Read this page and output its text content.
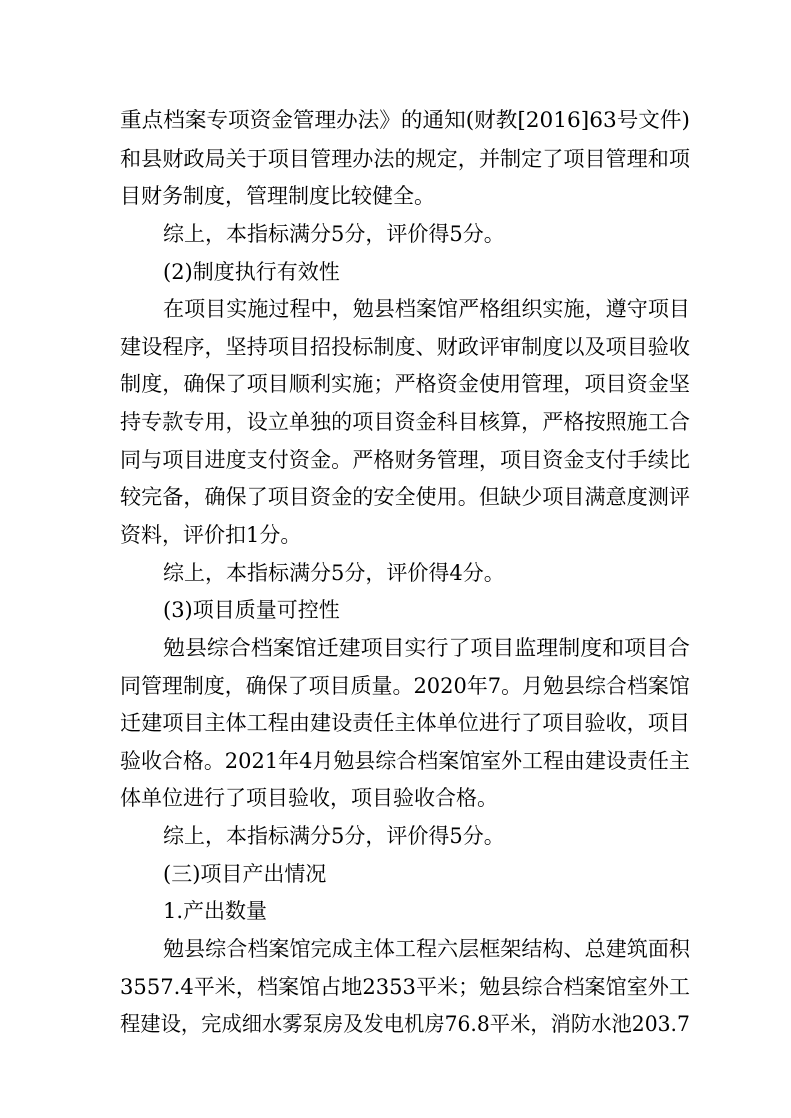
重点档案专项资金管理办法》的通知(财教[2016]63号文件)

和县财政局关于项目管理办法的规定，并制定了项目管理和项

目财务制度，管理制度比较健全。

综上，本指标满分5分，评价得5分。

(2)制度执行有效性

在项目实施过程中，勉县档案馆严格组织实施，遵守项目

建设程序，坚持项目招投标制度、财政评审制度以及项目验收

制度，确保了项目顺利实施；严格资金使用管理，项目资金坚

持专款专用，设立单独的项目资金科目核算，严格按照施工合

同与项目进度支付资金。严格财务管理，项目资金支付手续比

较完备，确保了项目资金的安全使用。但缺少项目满意度测评

资料，评价扣1分。

综上，本指标满分5分，评价得4分。

(3)项目质量可控性

勉县综合档案馆迁建项目实行了项目监理制度和项目合

同管理制度，确保了项目质量。2020年7。月勉县综合档案馆

迁建项目主体工程由建设责任主体单位进行了项目验收，项目

验收合格。2021年4月勉县综合档案馆室外工程由建设责任主

体单位进行了项目验收，项目验收合格。

综上，本指标满分5分，评价得5分。

(三)项目产出情况

1.产出数量

勉县综合档案馆完成主体工程六层框架结构、总建筑面积

3557.4平米，档案馆占地2353平米；勉县综合档案馆室外工

程建设，完成细水雾泵房及发电机房76.8平米，消防水池203.7
